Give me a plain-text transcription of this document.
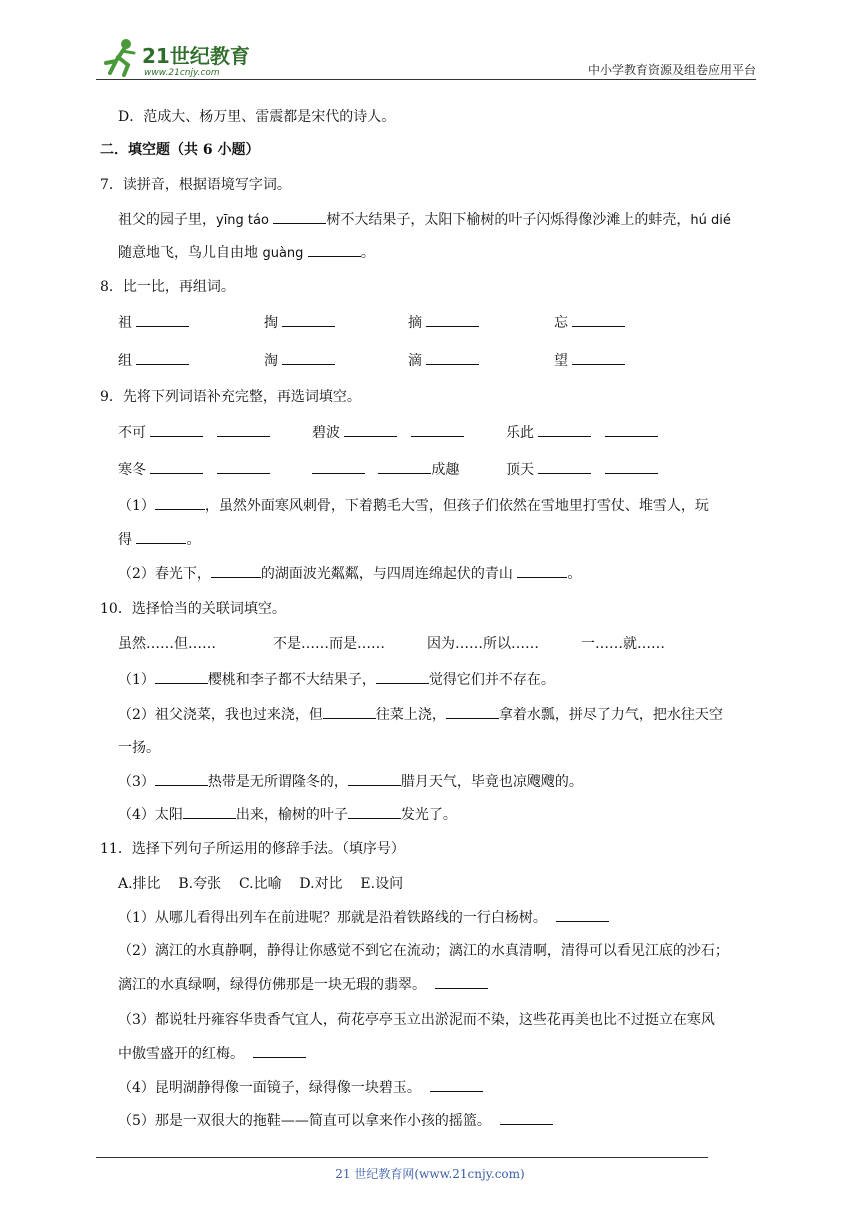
21世纪教育
www.21cnjy.com	中小学教育资源及组卷应用平台
D．范成大、杨万里、雷震都是宋代的诗人。
二．填空题（共 6 小题）
7．读拼音，根据语境写字词。
祖父的园子里，yīng táo	树不大结果子，太阳下榆树的叶子闪烁得像沙滩上的蚌壳，hú dié
随意地飞，鸟儿自由地 guàng	。
8．比一比，再组词。
祖	掏	摘	忘
组	淘	滴	望
9．先将下列词语补充完整，再选词填空。
不可	碧波	乐此
寒冬	成趣	顶天
（1）	，虽然外面寒风刺骨，下着鹅毛大雪，但孩子们依然在雪地里打雪仗、堆雪人，玩
得	。
（2）春光下，	的湖面波光粼粼，与四周连绵起伏的青山	。
10．选择恰当的关联词填空。
虽然……但……	不是……而是……	因为……所以……	一……就……
（1）	樱桃和李子都不大结果子，	觉得它们并不存在。
（2）祖父浇菜，我也过来浇，但	往菜上浇，	拿着水瓢，拼尽了力气，把水往天空
一扬。
（3）	热带是无所谓隆冬的，	腊月天气，毕竟也凉飕飕的。
（4）太阳	出来，榆树的叶子	发光了。
11．选择下列句子所运用的修辞手法。（填序号）
A.排比 B.夸张 C.比喻 D.对比 E.设问
（1）从哪儿看得出列车在前进呢？那就是沿着铁路线的一行白杨树。
（2）漓江的水真静啊，静得让你感觉不到它在流动；漓江的水真清啊，清得可以看见江底的沙石；
漓江的水真绿啊，绿得仿佛那是一块无瑕的翡翠。
（3）都说牡丹雍容华贵香气宜人，荷花亭亭玉立出淤泥而不染，这些花再美也比不过挺立在寒风
中傲雪盛开的红梅。
（4）昆明湖静得像一面镜子，绿得像一块碧玉。
（5）那是一双很大的拖鞋——简直可以拿来作小孩的摇篮。
21 世纪教育网(www.21cnjy.com)
